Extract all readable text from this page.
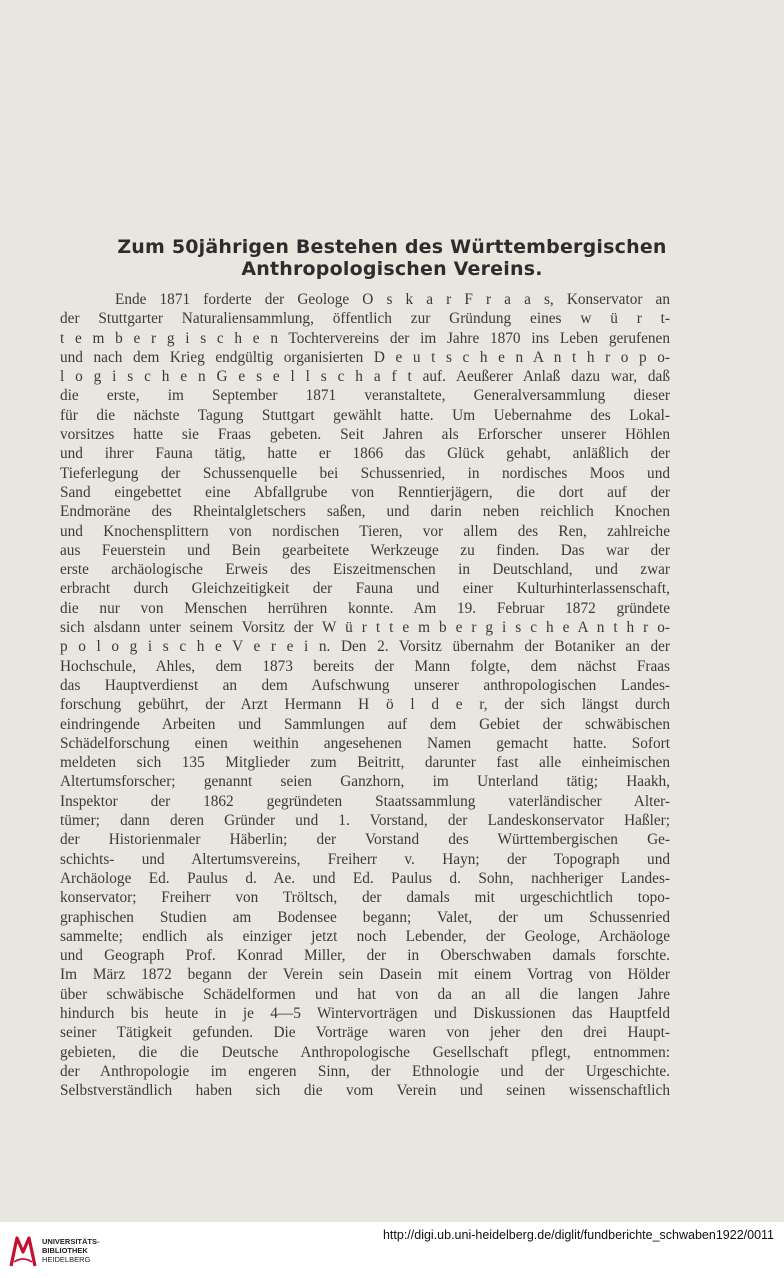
Zum 50jährigen Bestehen des Württembergischen
Anthropologischen Vereins.
Ende 1871 forderte der Geologe O s k a r F r a a s, Konservator an
der Stuttgarter Naturaliensammlung, öffentlich zur Gründung eines w ü r t-
t e m b e r g i s c h e n Tochtervereins der im Jahre 1870 ins Leben gerufenen
und nach dem Krieg endgültig organisierten D e u t s c h e n A n t h r o p o-
l o g i s c h e n G e s e l l s c h a f t auf. Aeußerer Anlaß dazu war, daß
die erste, im September 1871 veranstaltete, Generalversammlung dieser
für die nächste Tagung Stuttgart gewählt hatte. Um Uebernahme des Lokal-
vorsitzes hatte sie Fraas gebeten. Seit Jahren als Erforscher unserer Höhlen
und ihrer Fauna tätig, hatte er 1866 das Glück gehabt, anläßlich der
Tieferlegung der Schussenquelle bei Schussenried, in nordisches Moos und
Sand eingebettet eine Abfallgrube von Renntierjägern, die dort auf der
Endmoräne des Rheintalgletschers saßen, und darin neben reichlich Knochen
und Knochensplittern von nordischen Tieren, vor allem des Ren, zahlreiche
aus Feuerstein und Bein gearbeitete Werkzeuge zu finden. Das war der
erste archäologische Erweis des Eiszeitmenschen in Deutschland, und zwar
erbracht durch Gleichzeitigkeit der Fauna und einer Kulturhinterlassenschaft,
die nur von Menschen herrühren konnte. Am 19. Februar 1872 gründete
sich alsdann unter seinem Vorsitz der W ü r t t e m b e r g i s c h e A n t h r o-
p o l o g i s c h e V e r e i n. Den 2. Vorsitz übernahm der Botaniker an der
Hochschule, Ahles, dem 1873 bereits der Mann folgte, dem nächst Fraas
das Hauptverdienst an dem Aufschwung unserer anthropologischen Landes-
forschung gebührt, der Arzt Hermann H ö l d e r, der sich längst durch
eindringende Arbeiten und Sammlungen auf dem Gebiet der schwäbischen
Schädelforschung einen weithin angesehenen Namen gemacht hatte. Sofort
meldeten sich 135 Mitglieder zum Beitritt, darunter fast alle einheimischen
Altertumsforscher; genannt seien Ganzhorn, im Unterland tätig; Haakh,
Inspektor der 1862 gegründeten Staatssammlung vaterländischer Alter-
tümer; dann deren Gründer und 1. Vorstand, der Landeskonservator Haßler;
der Historienmaler Häberlin; der Vorstand des Württembergischen Ge-
schichts- und Altertumsvereins, Freiherr v. Hayn; der Topograph und
Archäologe Ed. Paulus d. Ae. und Ed. Paulus d. Sohn, nachheriger Landes-
konservator; Freiherr von Tröltsch, der damals mit urgeschichtlich topo-
graphischen Studien am Bodensee begann; Valet, der um Schussenried
sammelte; endlich als einziger jetzt noch Lebender, der Geologe, Archäologe
und Geograph Prof. Konrad Miller, der in Oberschwaben damals forschte.
Im März 1872 begann der Verein sein Dasein mit einem Vortrag von Hölder
über schwäbische Schädelformen und hat von da an all die langen Jahre
hindurch bis heute in je 4—5 Wintervorträgen und Diskussionen das Hauptfeld
seiner Tätigkeit gefunden. Die Vorträge waren von jeher den drei Haupt-
gebieten, die die Deutsche Anthropologische Gesellschaft pflegt, entnommen:
der Anthropologie im engeren Sinn, der Ethnologie und der Urgeschichte.
Selbstverständlich haben sich die vom Verein und seinen wissenschaftlich
UNIVERSITÄTS-
BIBLIOTHEK
HEIDELBERG
http://digi.ub.uni-heidelberg.de/diglit/fundberichte_schwaben1922/0011
